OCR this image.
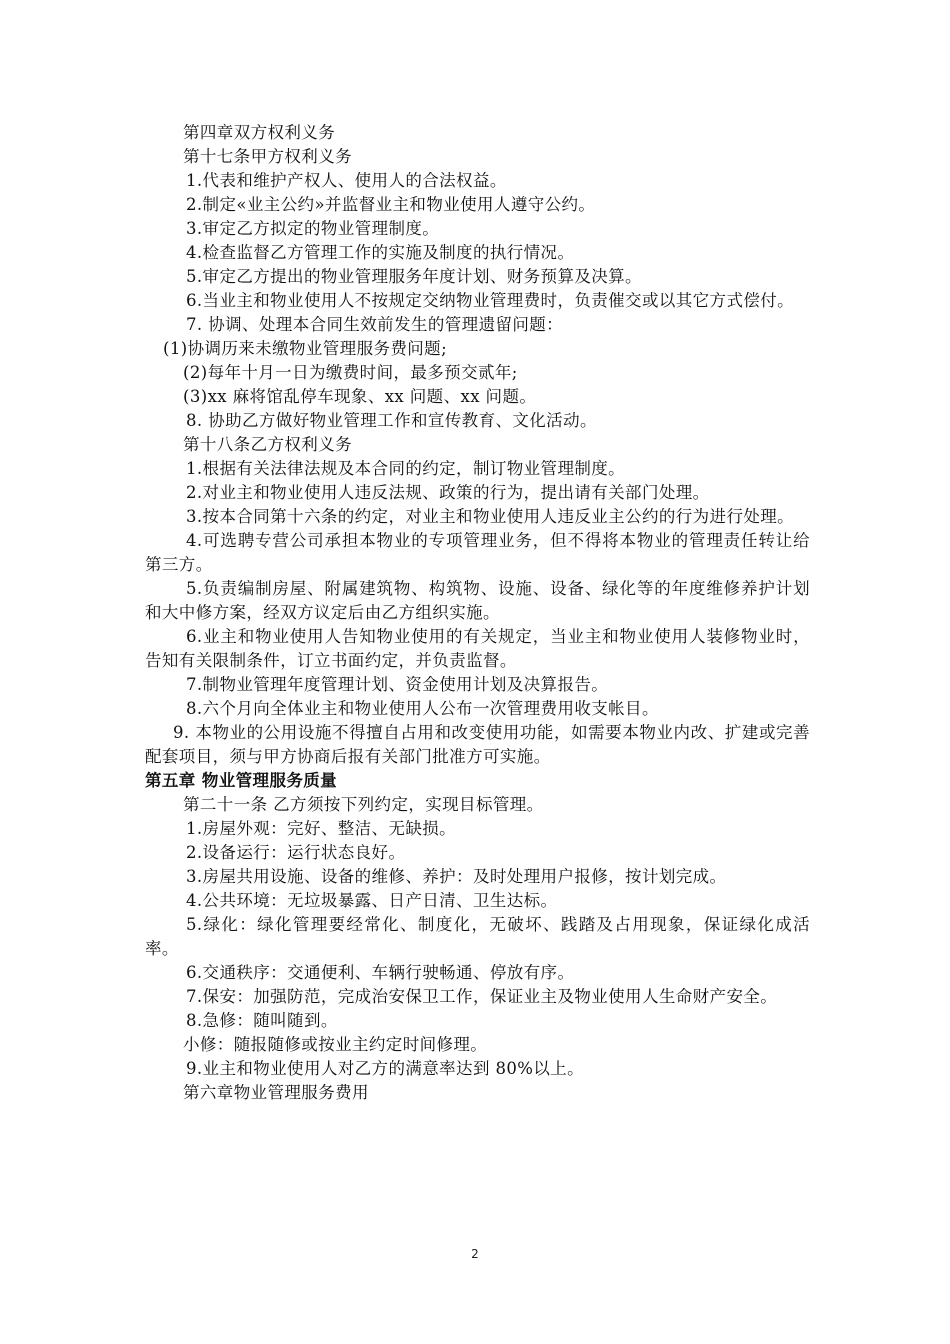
第四章双方权利义务

第十七条甲方权利义务

1.代表和维护产权人、使用人的合法权益。

2.制定«业主公约»并监督业主和物业使用人遵守公约。

3.审定乙方拟定的物业管理制度。

4.检查监督乙方管理工作的实施及制度的执行情况。

5.审定乙方提出的物业管理服务年度计划、财务预算及决算。

6.当业主和物业使用人不按规定交纳物业管理费时，负责催交或以其它方式偿付。

7. 协调、处理本合同生效前发生的管理遗留问题：

(1)协调历来未缴物业管理服务费问题;

(2)每年十月一日为缴费时间，最多预交贰年;

(3)xx 麻将馆乱停车现象、xx 问题、xx 问题。

8. 协助乙方做好物业管理工作和宣传教育、文化活动。

第十八条乙方权利义务

1.根据有关法律法规及本合同的约定，制订物业管理制度。

2.对业主和物业使用人违反法规、政策的行为，提出请有关部门处理。

3.按本合同第十六条的约定，对业主和物业使用人违反业主公约的行为进行处理。

4.可选聘专营公司承担本物业的专项管理业务，但不得将本物业的管理责任转让给第三方。

5.负责编制房屋、附属建筑物、构筑物、设施、设备、绿化等的年度维修养护计划和大中修方案，经双方议定后由乙方组织实施。

6.业主和物业使用人告知物业使用的有关规定，当业主和物业使用人装修物业时，告知有关限制条件，订立书面约定，并负责监督。

7.制物业管理年度管理计划、资金使用计划及决算报告。

8.六个月向全体业主和物业使用人公布一次管理费用收支帐目。

9. 本物业的公用设施不得擅自占用和改变使用功能，如需要本物业内改、扩建或完善配套项目，须与甲方协商后报有关部门批准方可实施。

第五章 物业管理服务质量

第二十一条 乙方须按下列约定，实现目标管理。

1.房屋外观：完好、整洁、无缺损。

2.设备运行：运行状态良好。

3.房屋共用设施、设备的维修、养护：及时处理用户报修，按计划完成。

4.公共环境：无垃圾暴露、日产日清、卫生达标。

5.绿化：绿化管理要经常化、制度化，无破坏、践踏及占用现象，保证绿化成活率。

6.交通秩序：交通便利、车辆行驶畅通、停放有序。

7.保安：加强防范，完成治安保卫工作，保证业主及物业使用人生命财产安全。

8.急修：随叫随到。

小修：随报随修或按业主约定时间修理。

9.业主和物业使用人对乙方的满意率达到 80%以上。

第六章物业管理服务费用

2
